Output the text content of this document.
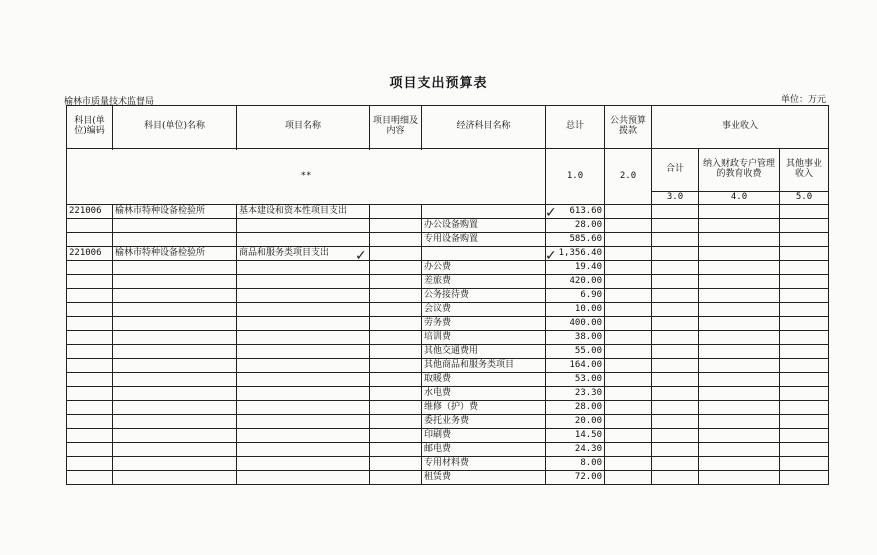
项目支出预算表
榆林市质量技术监督局	单位：万元
科目(单位)编码	科目(单位)名称	项目名称	项目明细及内容	经济科目名称	总计	公共预算拨款	事业收入		

**					1.0	2.0	合计	纳入财政专户管理的教育收费	其他事业收入
							3.0	4.0	5.0
221006	榆林市特种设备检验所	基本建设和资本性项目支出			613.60				
				办公设备购置	28.00				
				专用设备购置	585.60				
221006	榆林市特种设备检验所	商品和服务类项目支出			1,356.40				
				办公费	19.40				
				差旅费	420.00				
				公务接待费	6.90				
				会议费	10.00				
				劳务费	400.00				
				培训费	38.00				
				其他交通费用	55.00				
				其他商品和服务类项目	164.00				
				取暖费	53.00				
				水电费	23.30				
				维修（护）费	28.00				
				委托业务费	20.00				
				印刷费	14.50				
				邮电费	24.30				
				专用材料费	8.00				
				租赁费	72.00				
✓
✓	✓
